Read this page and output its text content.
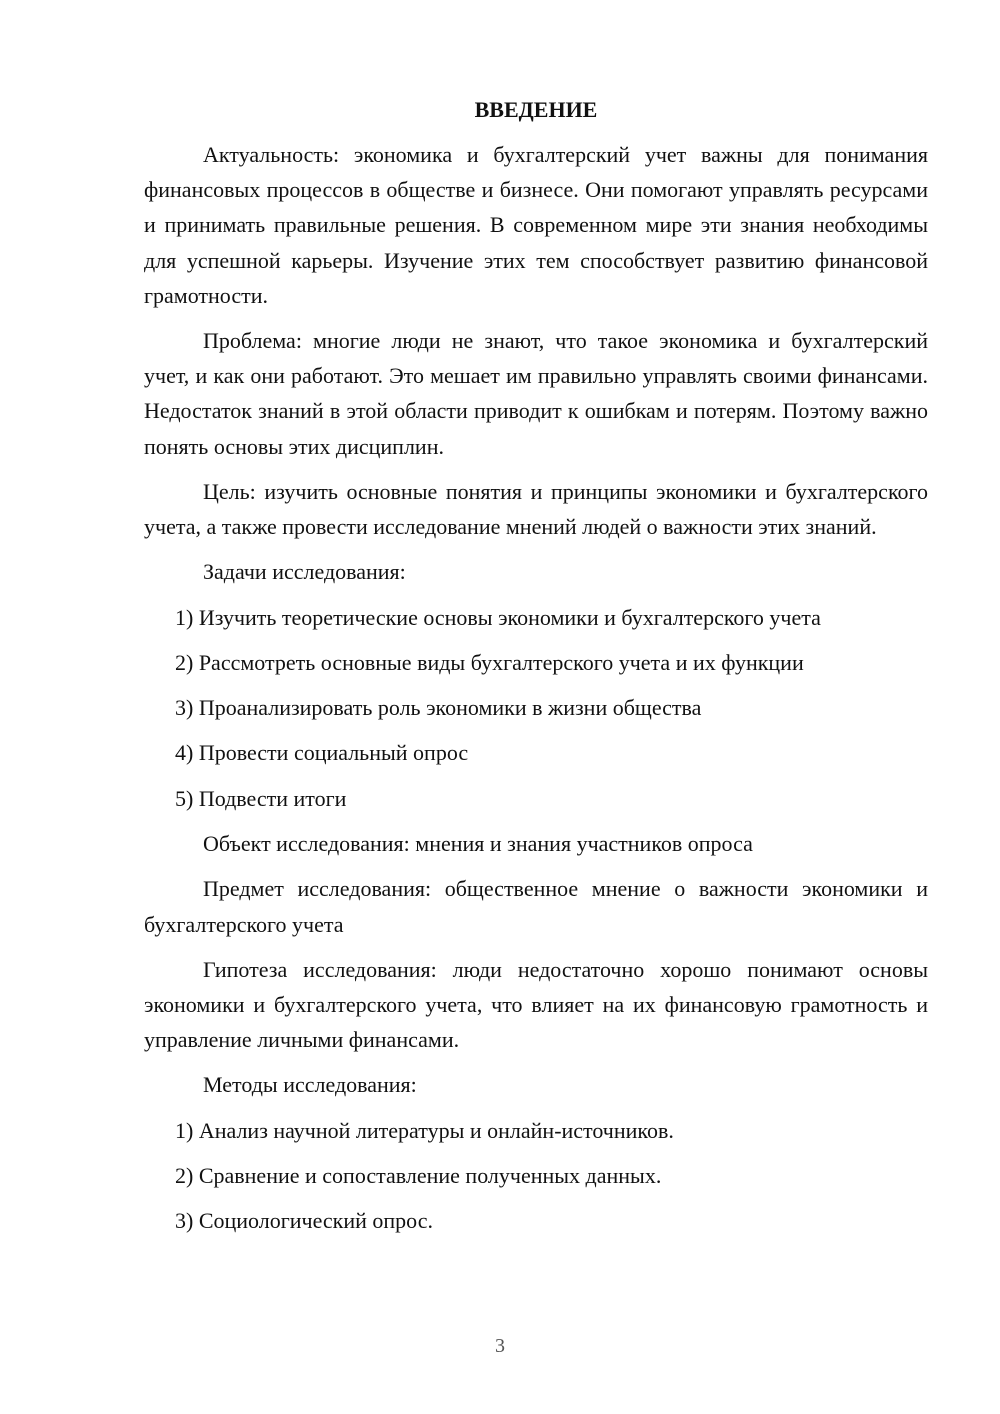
ВВЕДЕНИЕ

Актуальность: экономика и бухгалтерский учет важны для понимания финансовых процессов в обществе и бизнесе. Они помогают управлять ресурсами и принимать правильные решения. В современном мире эти знания необходимы для успешной карьеры. Изучение этих тем способствует развитию финансовой грамотности.

Проблема: многие люди не знают, что такое экономика и бухгалтерский учет, и как они работают. Это мешает им правильно управлять своими финансами. Недостаток знаний в этой области приводит к ошибкам и потерям. Поэтому важно понять основы этих дисциплин.

Цель: изучить основные понятия и принципы экономики и бухгалтерского учета, а также провести исследование мнений людей о важности этих знаний.

Задачи исследования:
1) Изучить теоретические основы экономики и бухгалтерского учета
2) Рассмотреть основные виды бухгалтерского учета и их функции
3) Проанализировать роль экономики в жизни общества
4) Провести социальный опрос
5) Подвести итоги
Объект исследования: мнения и знания участников опроса

Предмет исследования: общественное мнение о важности экономики и бухгалтерского учета

Гипотеза исследования: люди недостаточно хорошо понимают основы экономики и бухгалтерского учета, что влияет на их финансовую грамотность и управление личными финансами.

Методы исследования:
1) Анализ научной литературы и онлайн-источников.
2) Сравнение и сопоставление полученных данных.
3) Социологический опрос.
3
